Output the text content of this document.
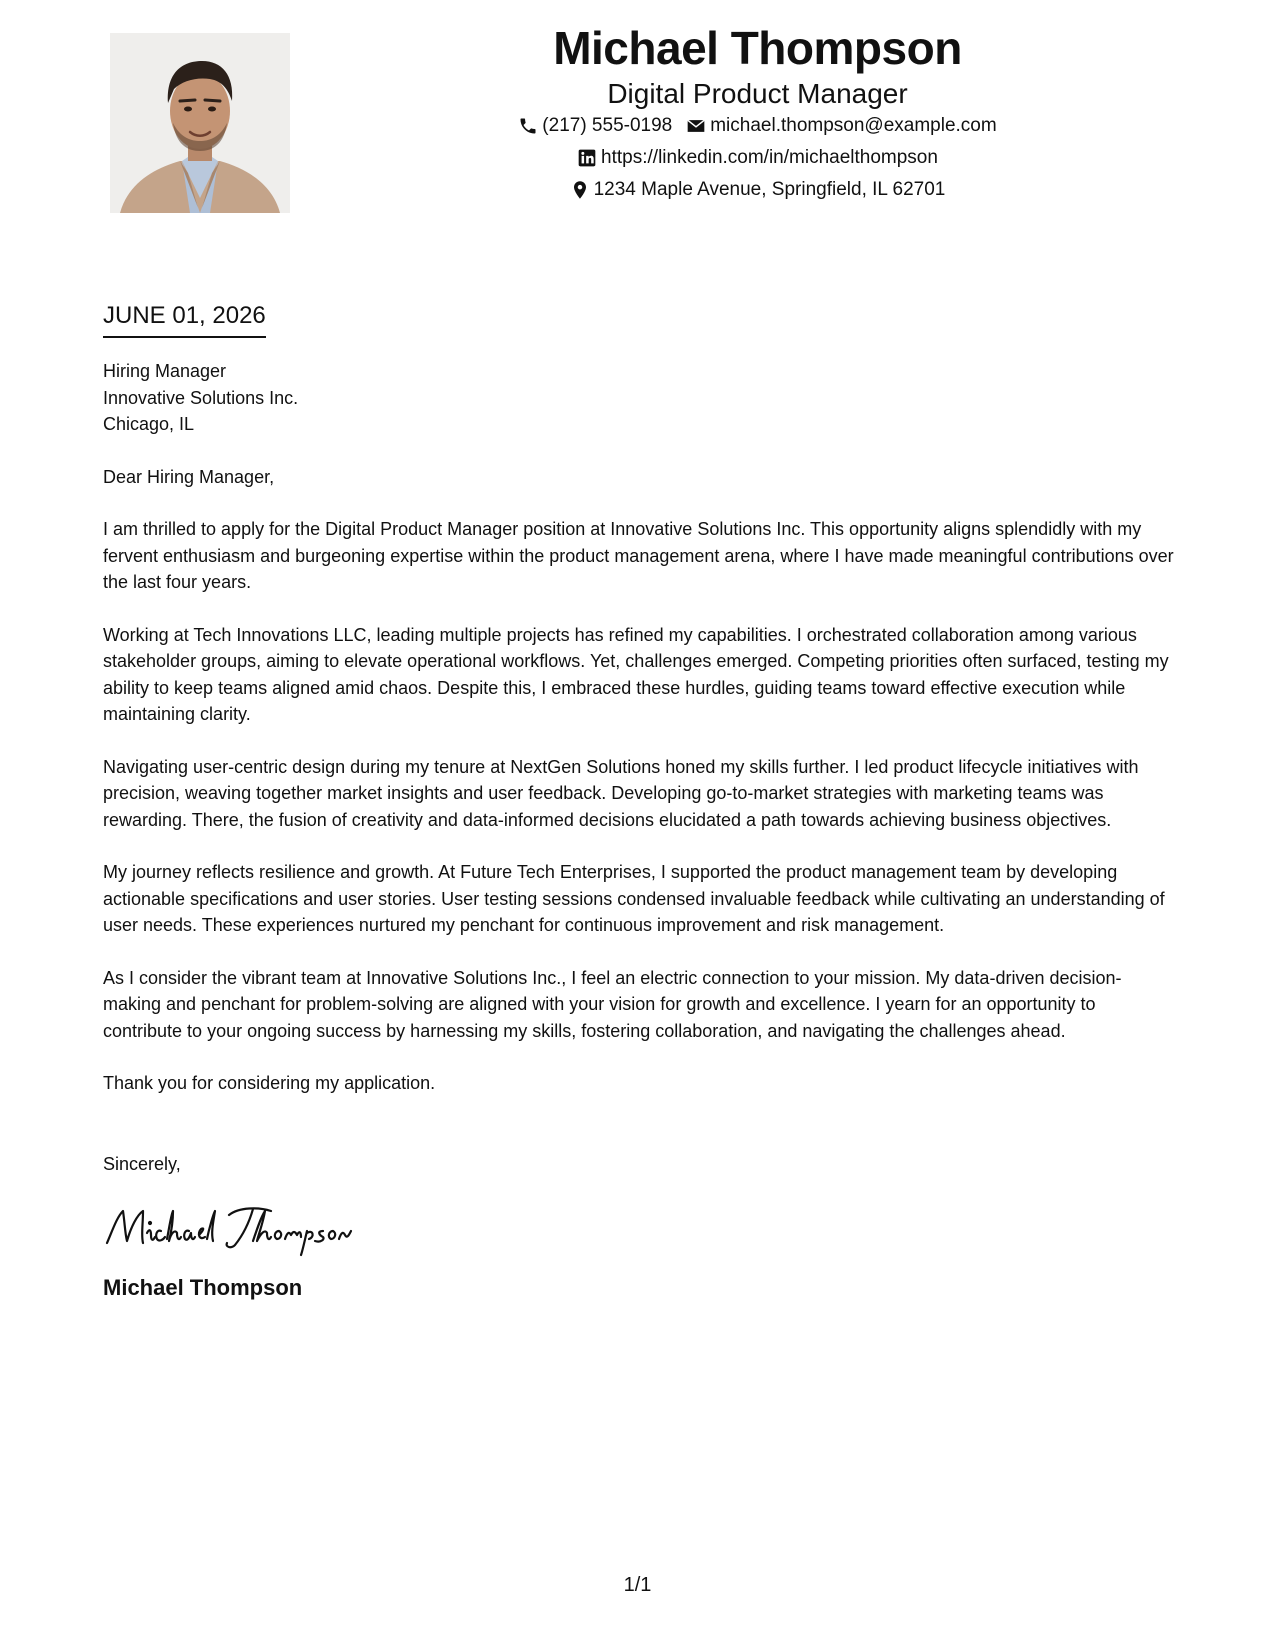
Michael Thompson
Digital Product Manager
(217) 555-0198 michael.thompson@example.com
https://linkedin.com/in/michaelthompson
1234 Maple Avenue, Springfield, IL 62701
JUNE 01, 2026

Hiring Manager
Innovative Solutions Inc.
Chicago, IL

Dear Hiring Manager,

I am thrilled to apply for the Digital Product Manager position at Innovative Solutions Inc. This opportunity aligns splendidly with my fervent enthusiasm and burgeoning expertise within the product management arena, where I have made meaningful contributions over the last four years.

Working at Tech Innovations LLC, leading multiple projects has refined my capabilities. I orchestrated collaboration among various stakeholder groups, aiming to elevate operational workflows. Yet, challenges emerged. Competing priorities often surfaced, testing my ability to keep teams aligned amid chaos. Despite this, I embraced these hurdles, guiding teams toward effective execution while maintaining clarity.

Navigating user-centric design during my tenure at NextGen Solutions honed my skills further. I led product lifecycle initiatives with precision, weaving together market insights and user feedback. Developing go-to-market strategies with marketing teams was rewarding. There, the fusion of creativity and data-informed decisions elucidated a path towards achieving business objectives.

My journey reflects resilience and growth. At Future Tech Enterprises, I supported the product management team by developing actionable specifications and user stories. User testing sessions condensed invaluable feedback while cultivating an understanding of user needs. These experiences nurtured my penchant for continuous improvement and risk management.

As I consider the vibrant team at Innovative Solutions Inc., I feel an electric connection to your mission. My data-driven decision-making and penchant for problem-solving are aligned with your vision for growth and excellence. I yearn for an opportunity to contribute to your ongoing success by harnessing my skills, fostering collaboration, and navigating the challenges ahead.

Thank you for considering my application.

Sincerely,
Michael Thompson
1/1
